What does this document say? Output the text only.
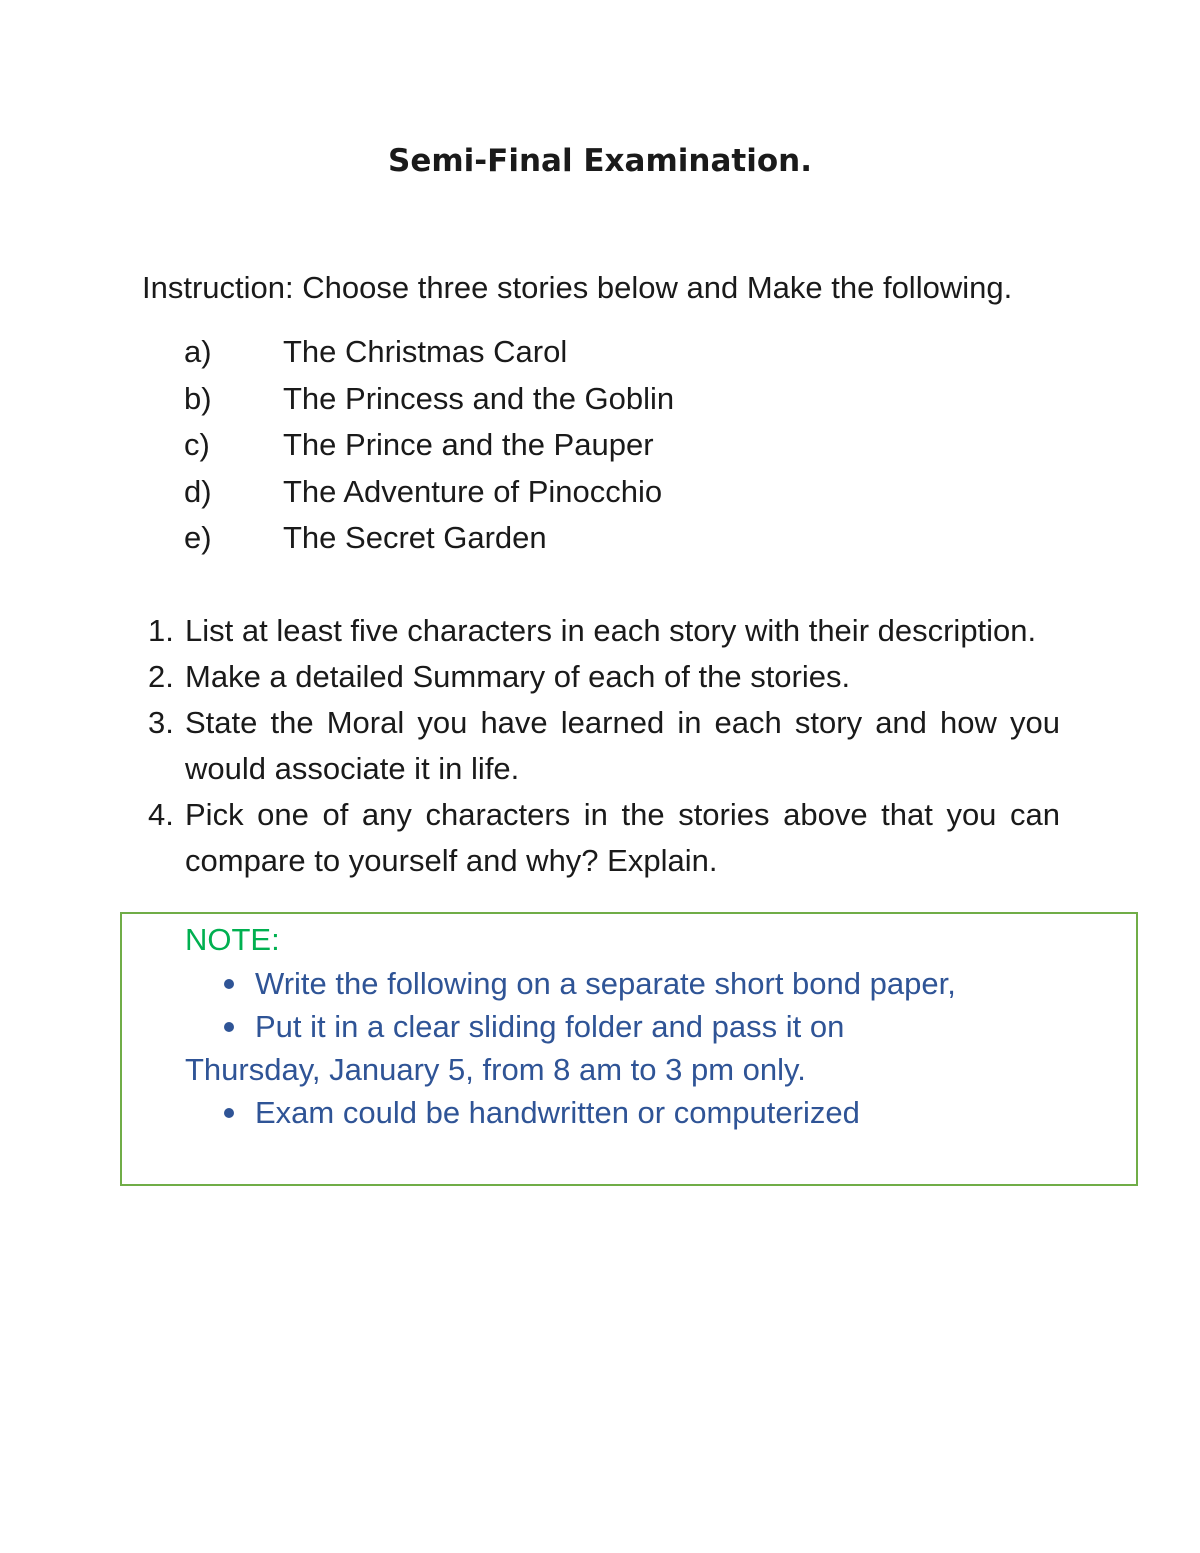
Semi-Final Examination.
Instruction: Choose three stories below and Make the following.
a) The Christmas Carol
b) The Princess and the Goblin
c) The Prince and the Pauper
d) The Adventure of Pinocchio
e) The Secret Garden
1. List at least five characters in each story with their description.
2. Make a detailed Summary of each of the stories.
3. State the Moral you have learned in each story and how you would associate it in life.
4. Pick one of any characters in the stories above that you can compare to yourself and why? Explain.
NOTE:
Write the following on a separate short bond paper,
Put it in a clear sliding folder and pass it on
Thursday, January 5, from 8 am to 3 pm only.
Exam could be handwritten or computerized
